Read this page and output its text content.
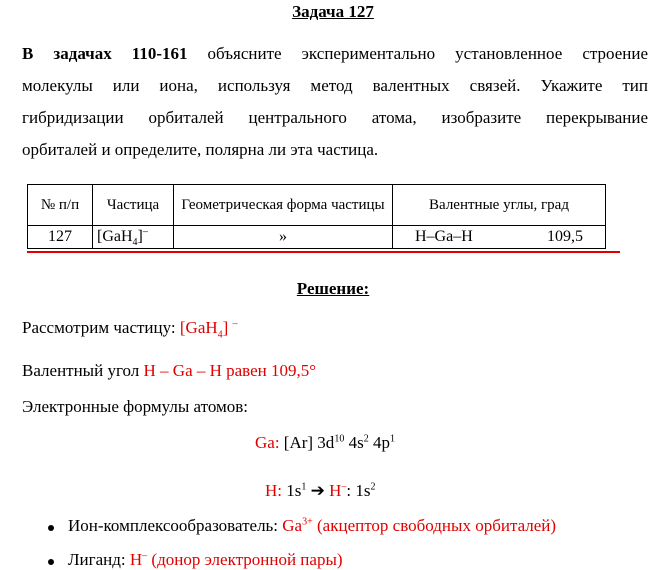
Задача 127
В задачах 110-161 объясните экспериментально установленное строение
молекулы или иона, используя метод валентных связей. Укажите тип
гибридизации орбиталей центрального атома, изобразите перекрывание
орбиталей и определите, полярна ли эта частица.
№ п/п	Частица	Геометрическая форма частицы	Валентные углы, град
127	[GaH$_4$]–	»	H–Ga–H 109,5
Решение:
Рассмотрим частицу: [GaH$_4$] –
Валентный угол H – Ga – H равен 109,5°
Электронные формулы атомов:
Ga: [Ar] $3d^{10}$ $4s^2$ $4p^1$
H: $1s^1$ ➔ H–: $1s^2$
Ион-комплексообразователь: $Ga^{3+}$ (акцептор свободных орбиталей)
Лиганд: H– (донор электронной пары)
